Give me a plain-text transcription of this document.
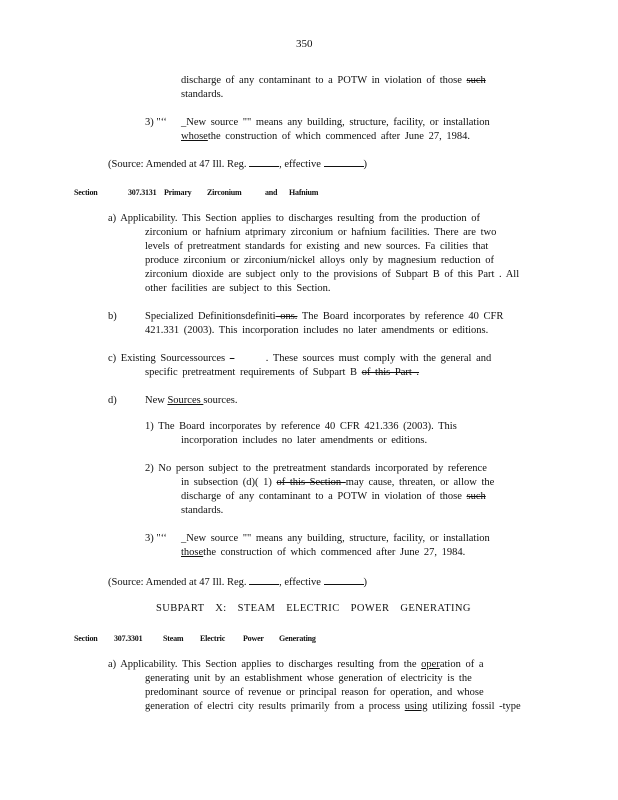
350
discharge of any contaminant to a POTW in violation of those such
standards.
3) "‘‘ _New source "" means any building, structure, facility, or installation
whosethe construction of which commenced after June 27, 1984.
(Source: Amended at 47 Ill. Reg.	, effective	)
Section	307.3131 Primary Zirconium	and Hafnium
a) Applicability. This Section applies to discharges resulting from the production of
zirconium or hafnium atprimary zirconium or hafnium facilities. There are two
levels of pretreatment standards for existing and new sources. Fa cilities that
produce zirconium or zirconium/nickel alloys only by magnesium reduction of
zirconium dioxide are subject only to the provisions of Subpart B of this Part . All
other facilities are subject to this Section.
b)	Specialized Definitionsdefiniti ons. The Board incorporates by reference 40 CFR
421.331 (2003). This incorporation includes no later amendments or editions.
c) Existing Sourcessources	. These sources must comply with the general and
specific pretreatment requirements of Subpart B of this Part .
d)	New Sources sources.
1) The Board incorporates by reference 40 CFR 421.336 (2003). This
incorporation includes no later amendments or editions.
2) No person subject to the pretreatment standards incorporated by reference
in subsection (d)( 1) of this Section may cause, threaten, or allow the
discharge of any contaminant to a POTW in violation of those such
standards.
3) "‘‘ _New source "" means any building, structure, facility, or installation
thosethe construction of which commenced after June 27, 1984.
(Source: Amended at 47 Ill. Reg.	, effective	)
SUBPART X: STEAM ELECTRIC POWER GENERATING
Section 307.3301	Steam Electric Power Generating
a) Applicability. This Section applies to discharges resulting from the operation of a
generating unit by an establishment whose generation of electricity is the
predominant source of revenue or principal reason for operation, and whose
generation of electri city results primarily from a process using utilizing fossil -type
